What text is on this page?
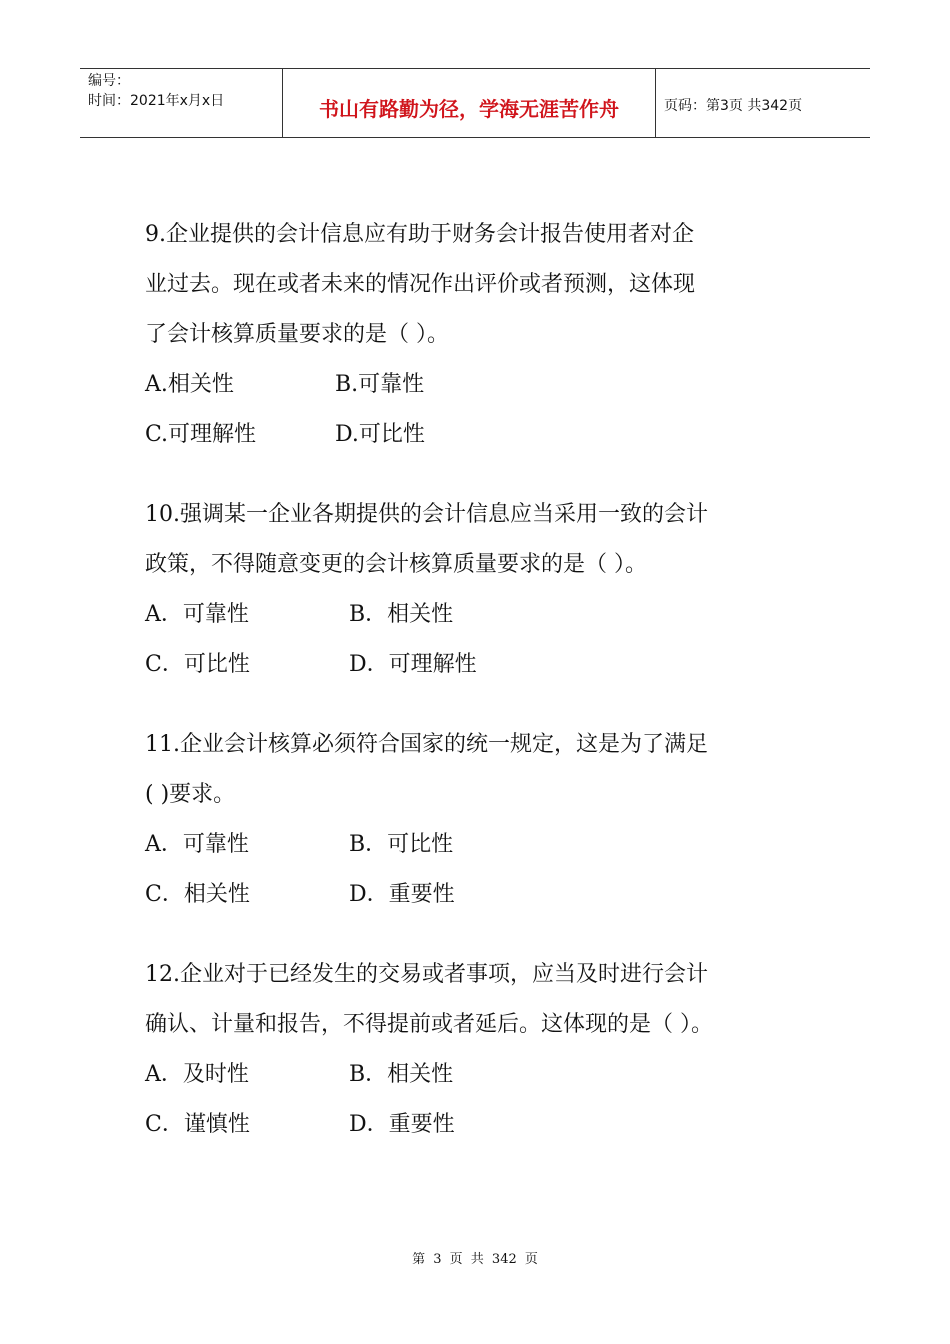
编号：
时间：2021年x月x日	书山有路勤为径，学海无涯苦作舟	页码：第3页 共342页
9.企业提供的会计信息应有助于财务会计报告使用者对企
业过去。现在或者未来的情况作出评价或者预测，这体现
了会计核算质量要求的是（ ）。
A.相关性	B.可靠性
C.可理解性	D.可比性
10.强调某一企业各期提供的会计信息应当采用一致的会计
政策，不得随意变更的会计核算质量要求的是（ ）。
A．可靠性	B．相关性
C．可比性	D．可理解性
11.企业会计核算必须符合国家的统一规定，这是为了满足
( )要求。
A．可靠性	B．可比性
C．相关性	D．重要性
12.企业对于已经发生的交易或者事项，应当及时进行会计
确认、计量和报告，不得提前或者延后。这体现的是（ ）。
A．及时性	B．相关性
C．谨慎性	D．重要性
第 3 页 共 342 页
